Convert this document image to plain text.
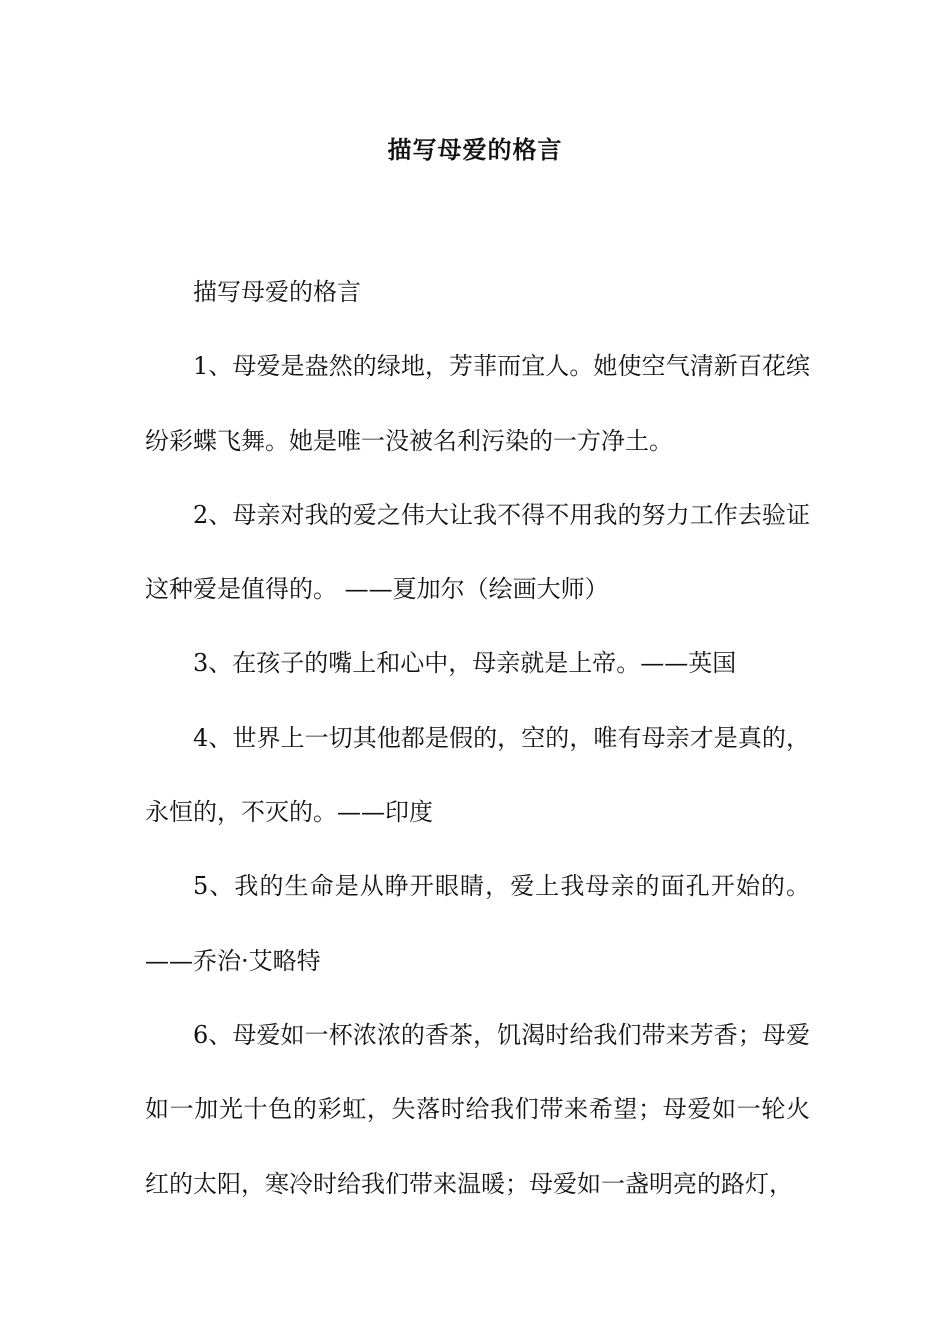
描写母爱的格言

描写母爱的格言

1、母爱是盎然的绿地，芳菲而宜人。她使空气清新百花缤纷彩蝶飞舞。她是唯一没被名利污染的一方净土。

2、母亲对我的爱之伟大让我不得不用我的努力工作去验证这种爱是值得的。 ——夏加尔（绘画大师）

3、在孩子的嘴上和心中，母亲就是上帝。——英国

4、世界上一切其他都是假的，空的，唯有母亲才是真的，永恒的，不灭的。——印度

5、我的生命是从睁开眼睛，爱上我母亲的面孔开始的。——乔治·艾略特

6、母爱如一杯浓浓的香茶，饥渴时给我们带来芳香；母爱如一加光十色的彩虹，失落时给我们带来希望；母爱如一轮火红的太阳，寒冷时给我们带来温暖；母爱如一盏明亮的路灯，
